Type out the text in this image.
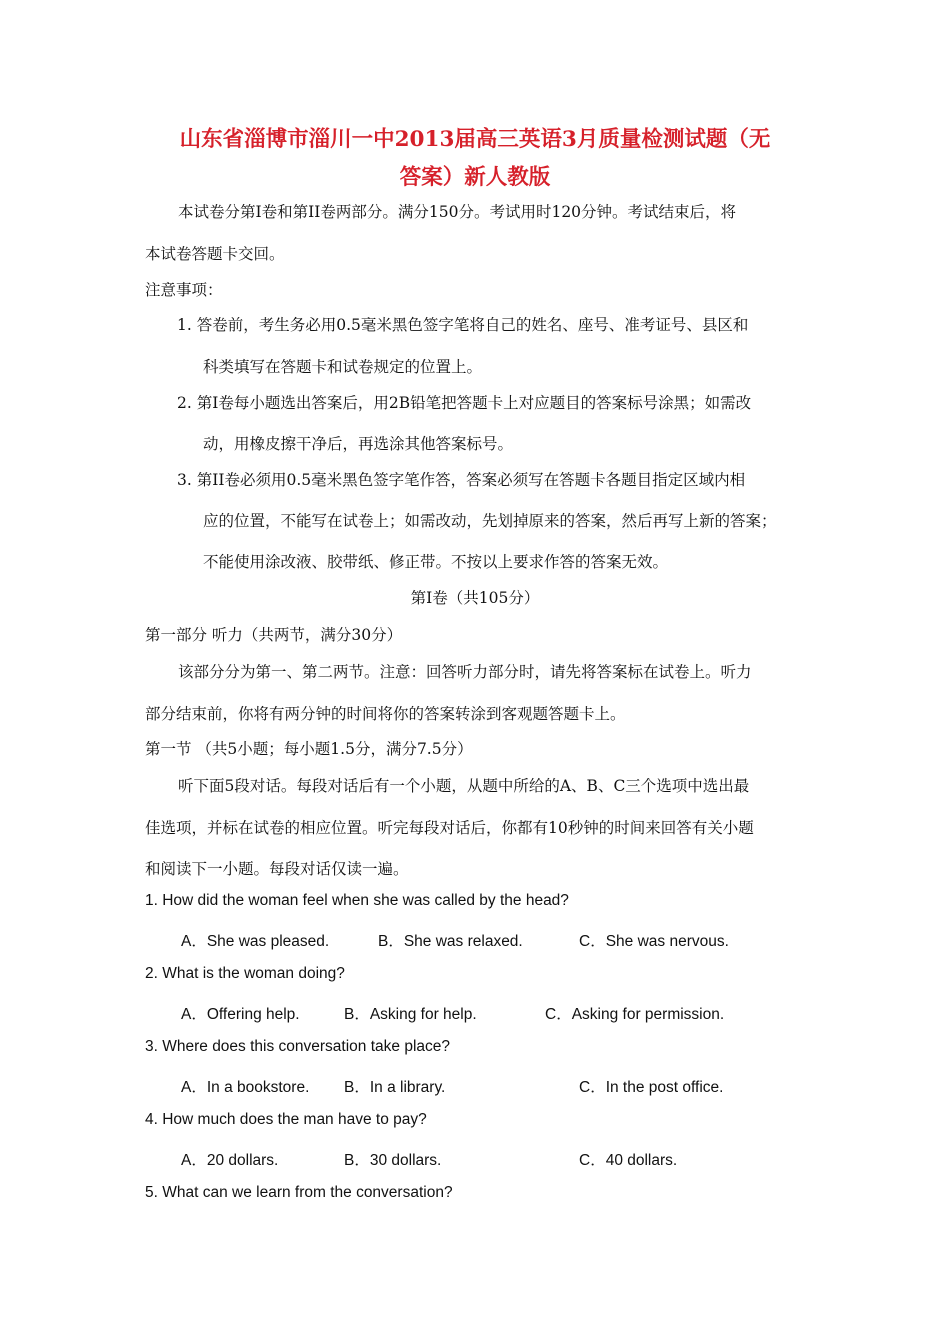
山东省淄博市淄川一中2013届高三英语3月质量检测试题（无
答案）新人教版
本试卷分第I卷和第II卷两部分。满分150分。考试用时120分钟。考试结束后，将
本试卷答题卡交回。
注意事项：
1. 答卷前，考生务必用0.5毫米黑色签字笔将自己的姓名、座号、准考证号、县区和
科类填写在答题卡和试卷规定的位置上。
2. 第I卷每小题选出答案后，用2B铅笔把答题卡上对应题目的答案标号涂黑；如需改
动，用橡皮擦干净后，再选涂其他答案标号。
3. 第II卷必须用0.5毫米黑色签字笔作答，答案必须写在答题卡各题目指定区域内相
应的位置，不能写在试卷上；如需改动，先划掉原来的答案，然后再写上新的答案；
不能使用涂改液、胶带纸、修正带。不按以上要求作答的答案无效。
第I卷（共105分）
第一部分 听力（共两节，满分30分）
该部分分为第一、第二两节。注意：回答听力部分时，请先将答案标在试卷上。听力
部分结束前，你将有两分钟的时间将你的答案转涂到客观题答题卡上。
第一节 （共5小题；每小题1.5分，满分7.5分）
听下面5段对话。每段对话后有一个小题，从题中所给的A、B、C三个选项中选出最
佳选项，并标在试卷的相应位置。听完每段对话后，你都有10秒钟的时间来回答有关小题
和阅读下一小题。每段对话仅读一遍。
1. How did the woman feel when she was called by the head?
A．She was pleased.	B．She was relaxed.	C．She was nervous.
2. What is the woman doing?
A．Offering help.	B．Asking for help.	C．Asking for permission.
3. Where does this conversation take place?
A．In a bookstore. B．In a library.	C．In the post office.
4. How much does the man have to pay?
A．20 dollars.	B．30 dollars.	C．40 dollars.
5. What can we learn from the conversation?
